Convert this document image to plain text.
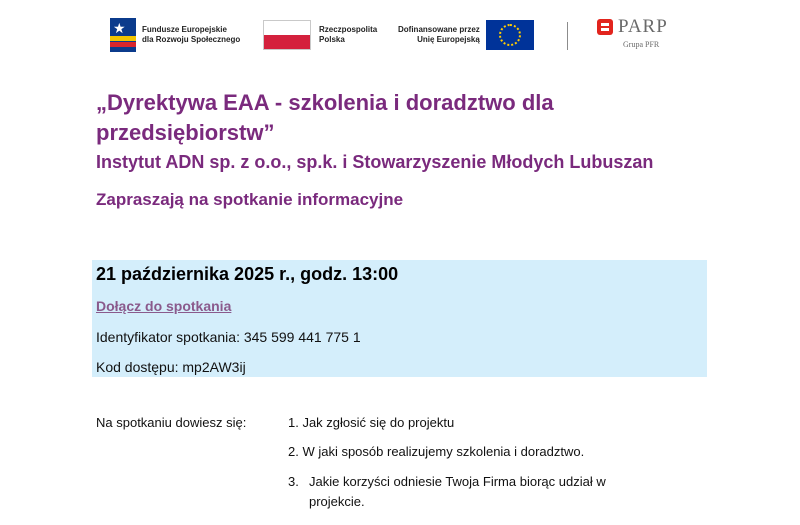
★ Fundusze Europejskie
dla Rozwoju Społecznego
Rzeczpospolita
Polska
Dofinansowane przez
Unię Europejską
PARP
Grupa PFR
„Dyrektywa EAA - szkolenia i doradztwo dla przedsiębiorstw”
Instytut ADN sp. z o.o., sp.k. i Stowarzyszenie Młodych Lubuszan
Zapraszają na spotkanie informacyjne
21 października 2025 r., godz. 13:00
Dołącz do spotkania
Identyfikator spotkania: 345 599 441 775 1
Kod dostępu: mp2AW3ij
Na spotkaniu dowiesz się:	1. Jak zgłosić się do projektu
2. W jaki sposób realizujemy szkolenia i doradztwo.
3. Jakie korzyści odniesie Twoja Firma biorąc udział w projekcie.
